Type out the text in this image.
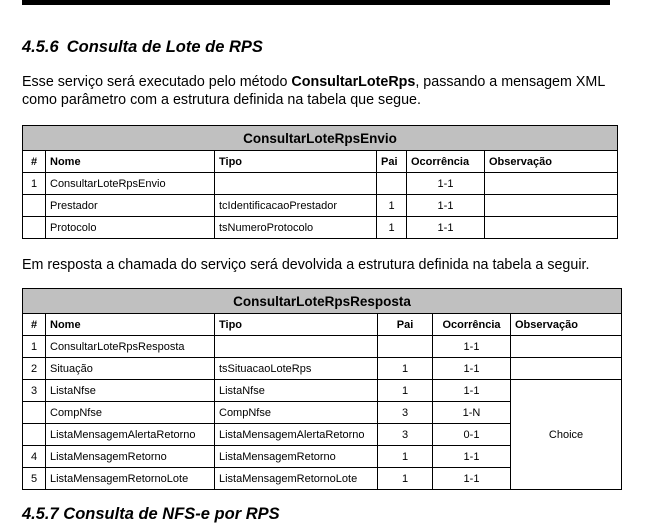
4.5.6 Consulta de Lote de RPS
Esse serviço será executado pelo método ConsultarLoteRps, passando a mensagem XML
como parâmetro com a estrutura definida na tabela que segue.
ConsultarLoteRpsEnvio					
#	Nome	Tipo	Pai	Ocorrência	Observação
1	ConsultarLoteRpsEnvio			1-1	
	Prestador	tcIdentificacaoPrestador	1	1-1	
	Protocolo	tsNumeroProtocolo	1	1-1	
Em resposta a chamada do serviço será devolvida a estrutura definida na tabela a seguir.
ConsultarLoteRpsResposta					
#	Nome	Tipo	Pai	Ocorrência	Observação
1	ConsultarLoteRpsResposta			1-1	
2	Situação	tsSituacaoLoteRps	1	1-1	
3	ListaNfse	ListaNfse	1	1-1	Choice
	CompNfse	CompNfse	3	1-N	
	ListaMensagemAlertaRetorno	ListaMensagemAlertaRetorno	3	0-1	
4	ListaMensagemRetorno	ListaMensagemRetorno	1	1-1	
5	ListaMensagemRetornoLote	ListaMensagemRetornoLote	1	1-1	
4.5.7 Consulta de NFS-e por RPS
